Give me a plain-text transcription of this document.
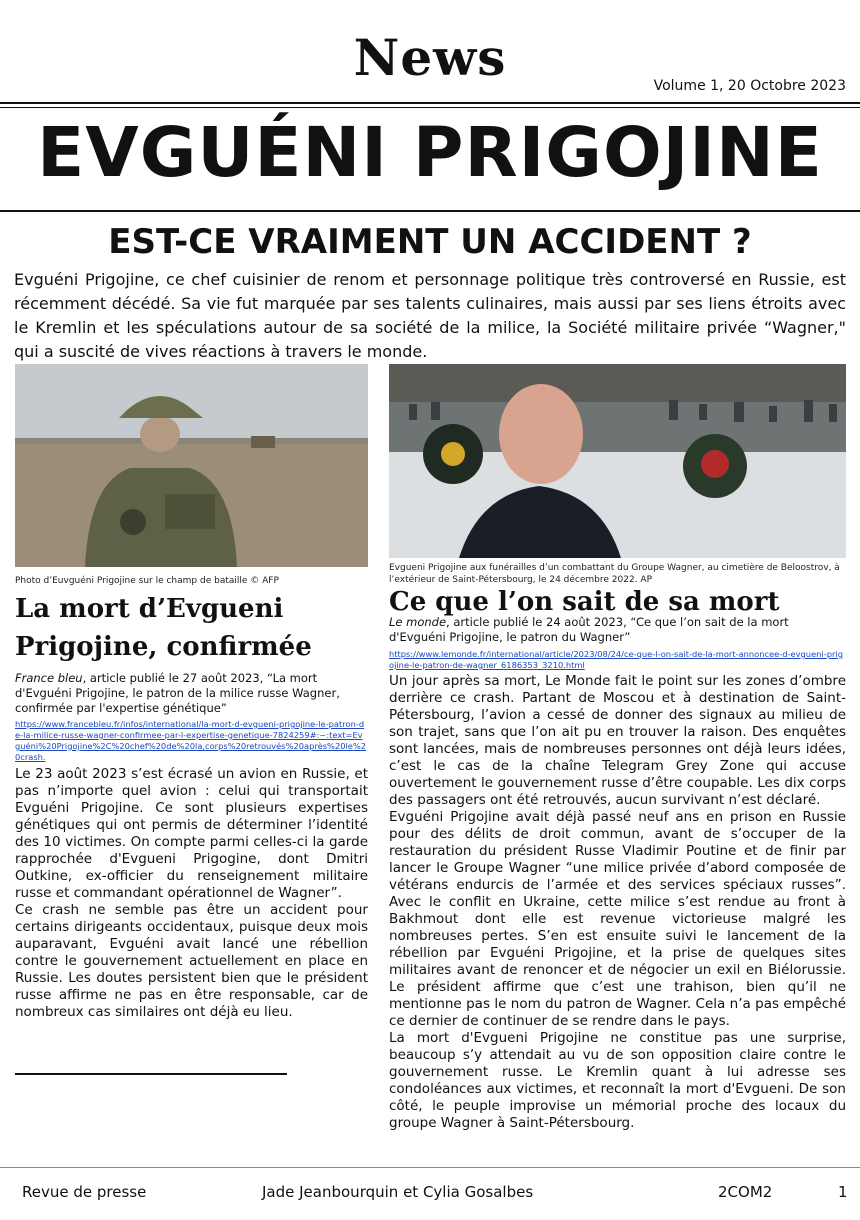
News	Volume 1, 20 Octobre 2023
EVGUÉNI PRIGOJINE
EST-CE VRAIMENT UN ACCIDENT ?
Evguéni Prigojine, ce chef cuisinier de renom et personnage politique très controversé en Russie, est récemment décédé. Sa vie fut marquée par ses talents culinaires, mais aussi par ses liens étroits avec le Kremlin et les spéculations autour de sa société de la milice, la Société militaire privée “Wagner," qui a suscité de vives réactions à travers le monde.
Photo d’Euvguéni Prigojine sur le champ de bataille © AFP
La mort d’Evgueni Prigojine, confirmée
France bleu, article publié le 27 août 2023, “La mort d'Evguéni Prigojine, le patron de la milice russe Wagner, confirmée par l'expertise génétique”
https://www.francebleu.fr/infos/international/la-mort-d-evgueni-prigojine-le-patron-de-la-milice-russe-wagner-confirmee-par-l-expertise-genetique-7824259#:~:text=Evguéni%20Prigojine%2C%20chef%20de%20la,corps%20retrouvés%20après%20le%20crash.

Le 23 août 2023 s’est écrasé un avion en Russie, et pas n’importe quel avion : celui qui transportait Evguéni Prigojine. Ce sont plusieurs expertises génétiques qui ont permis de déterminer l’identité des 10 victimes. On compte parmi celles-ci la garde rapprochée d'Evgueni Prigogine, dont Dmitri Outkine, ex-officier du renseignement militaire russe et commandant opérationnel de Wagner”.

Ce crash ne semble pas être un accident pour certains dirigeants occidentaux, puisque deux mois auparavant, Evguéni avait lancé une rébellion contre le gouvernement actuellement en place en Russie. Les doutes persistent bien que le président russe affirme ne pas en être responsable, car de nombreux cas similaires ont déjà eu lieu.

Evgueni Prigojine aux funérailles d’un combattant du Groupe Wagner, au cimetière de Beloostrov, à l’extérieur de Saint-Pétersbourg, le 24 décembre 2022. AP
Ce que l’on sait de sa mort
Le monde, article publié le 24 août 2023, “Ce que l’on sait de la mort d'Evguéni Prigojine, le patron du Wagner”
https://www.lemonde.fr/international/article/2023/08/24/ce-que-l-on-sait-de-la-mort-annoncee-d-evgueni-prigojine-le-patron-de-wagner_6186353_3210.html

Un jour après sa mort, Le Monde fait le point sur les zones d’ombre derrière ce crash. Partant de Moscou et à destination de Saint-Pétersbourg, l’avion a cessé de donner des signaux au milieu de son trajet, sans que l’on ait pu en trouver la raison. Des enquêtes sont lancées, mais de nombreuses personnes ont déjà leurs idées, c’est le cas de la chaîne Telegram Grey Zone qui accuse ouvertement le gouvernement russe d’être coupable. Les dix corps des passagers ont été retrouvés, aucun survivant n’est déclaré.

Evguéni Prigojine avait déjà passé neuf ans en prison en Russie pour des délits de droit commun, avant de s’occuper de la restauration du président Russe Vladimir Poutine et de finir par lancer le Groupe Wagner “une milice privée d’abord composée de vétérans endurcis de l’armée et des services spéciaux russes”. Avec le conflit en Ukraine, cette milice s’est rendue au front à Bakhmout dont elle est revenue victorieuse malgré les nombreuses pertes. S’en est ensuite suivi le lancement de la rébellion par Evguéni Prigojine, et la prise de quelques sites militaires avant de renoncer et de négocier un exil en Biélorussie. Le président affirme que c’est une trahison, bien qu’il ne mentionne pas le nom du patron de Wagner. Cela n’a pas empêché ce dernier de continuer de se rendre dans le pays.

La mort d'Evgueni Prigojine ne constitue pas une surprise, beaucoup s’y attendait au vu de son opposition claire contre le gouvernement russe. Le Kremlin quant à lui adresse ses condoléances aux victimes, et reconnaît la mort d'Evgueni. De son côté, le peuple improvise un mémorial proche des locaux du groupe Wagner à Saint-Pétersbourg.

Revue de presse	Jade Jeanbourquin et Cylia Gosalbes	2COM2	1
